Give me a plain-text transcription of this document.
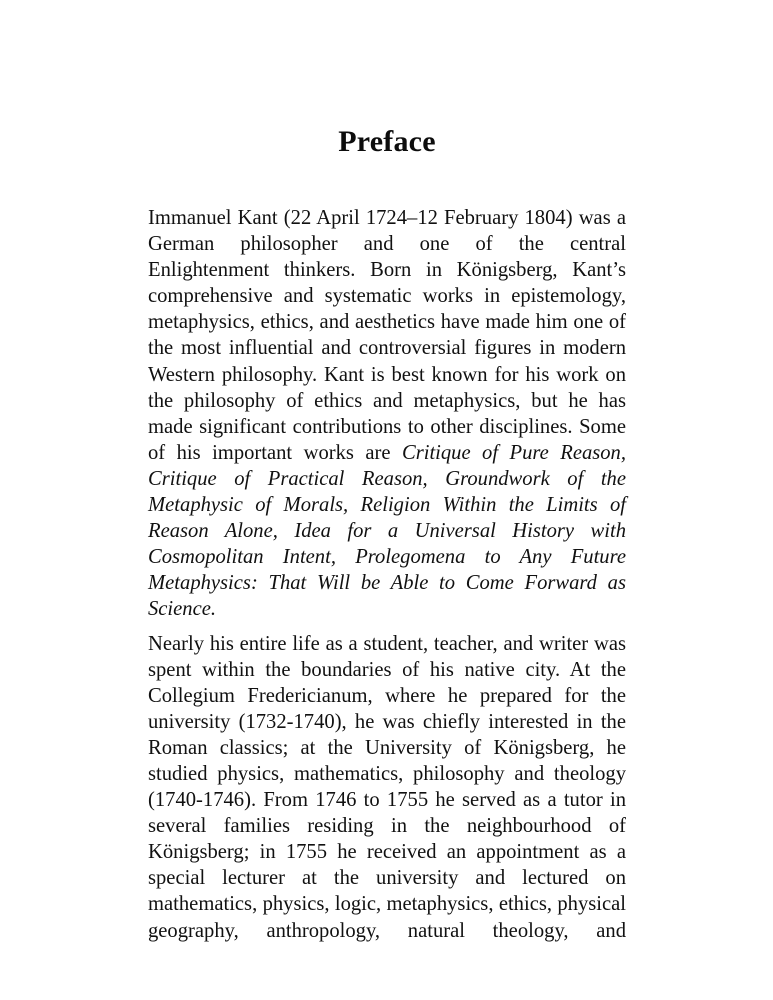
Preface

Immanuel Kant (22 April 1724–12 February 1804) was a German philosopher and one of the central Enlightenment thinkers. Born in Königsberg, Kant’s comprehensive and systematic works in epistemology, metaphysics, ethics, and aesthetics have made him one of the most influential and controversial figures in modern Western philosophy. Kant is best known for his work on the philosophy of ethics and metaphysics, but he has made significant contributions to other disciplines. Some of his important works are Critique of Pure Reason, Critique of Practical Reason, Groundwork of the Metaphysic of Morals, Religion Within the Limits of Reason Alone, Idea for a Universal History with Cosmopolitan Intent, Prolegomena to Any Future Metaphysics: That Will be Able to Come Forward as Science.

Nearly his entire life as a student, teacher, and writer was spent within the boundaries of his native city. At the Collegium Fredericianum, where he prepared for the university (1732-1740), he was chiefly interested in the Roman classics; at the University of Königsberg, he studied physics, mathematics, philosophy and theology (1740-1746). From 1746 to 1755 he served as a tutor in several families residing in the neighbourhood of Königsberg; in 1755 he received an appointment as a special lecturer at the university and lectured on mathematics, physics, logic, metaphysics, ethics, physical geography, anthropology, natural theology, and
